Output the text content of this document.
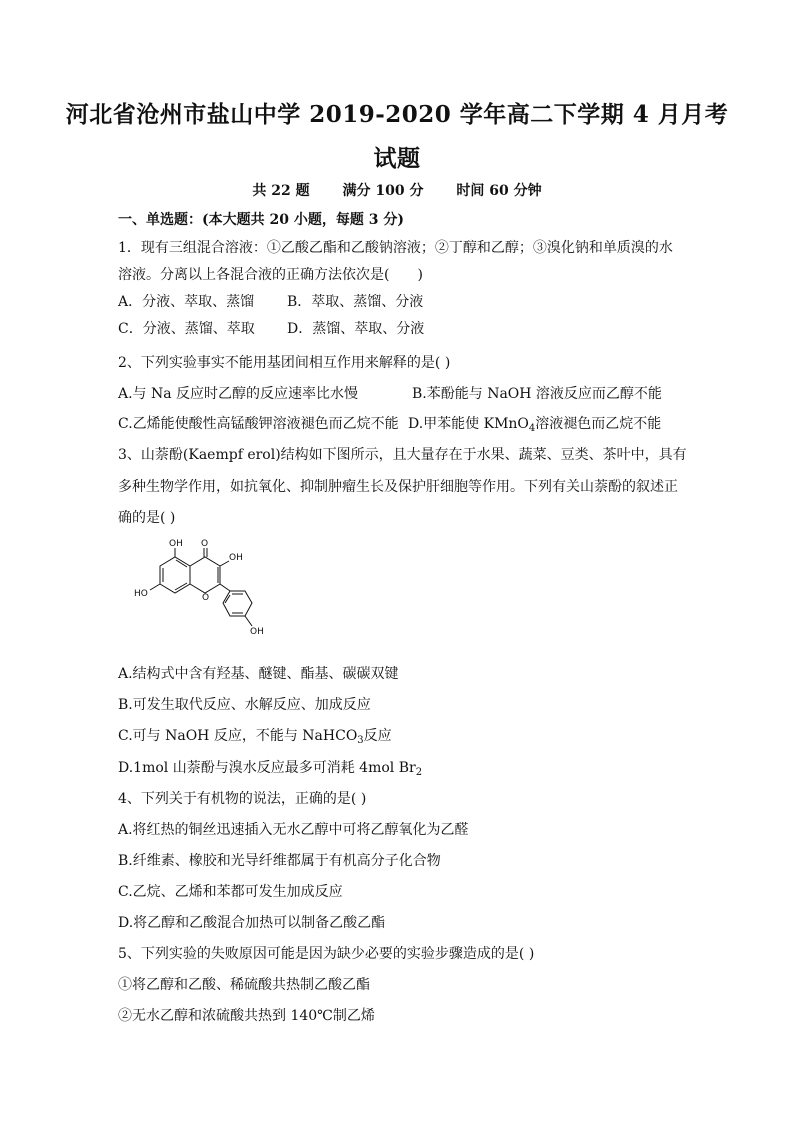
河北省沧州市盐山中学 2019-2020 学年高二下学期 4 月月考
试题
共 22 题 满分 100 分 时间 60 分钟
一、单选题：(本大题共 20 小题，每题 3 分)
1．现有三组混合溶液：①乙酸乙酯和乙酸钠溶液；②丁醇和乙醇；③溴化钠和单质溴的水
溶液。分离以上各混合液的正确方法依次是(　　)
A．分液、萃取、蒸馏 B．萃取、蒸馏、分液
C．分液、蒸馏、萃取 D．蒸馏、萃取、分液
2、下列实验事实不能用基团间相互作用来解释的是( )
A.与 Na 反应时乙醇的反应速率比水慢	B.苯酚能与 NaOH 溶液反应而乙醇不能
C.乙烯能使酸性高锰酸钾溶液褪色而乙烷不能 D.甲苯能使 KMnO$_4$溶液褪色而乙烷不能
3、山萘酚(Kaempf erol)结构如下图所示，且大量存在于水果、蔬菜、豆类、茶叶中，具有
多种生物学作用，如抗氧化、抑制肿瘤生长及保护肝细胞等作用。下列有关山萘酚的叙述正
确的是( )
OH O
OH
HO	O
OH
A.结构式中含有羟基、醚键、酯基、碳碳双键
B.可发生取代反应、水解反应、加成反应
C.可与 NaOH 反应，不能与 NaHCO$_3$反应
D.1mol 山萘酚与溴水反应最多可消耗 4mol $Br_2$
4、下列关于有机物的说法，正确的是( )
A.将红热的铜丝迅速插入无水乙醇中可将乙醇氧化为乙醛
B.纤维素、橡胶和光导纤维都属于有机高分子化合物
C.乙烷、乙烯和苯都可发生加成反应
D.将乙醇和乙酸混合加热可以制备乙酸乙酯
5、下列实验的失败原因可能是因为缺少必要的实验步骤造成的是( )
①将乙醇和乙酸、稀硫酸共热制乙酸乙酯
②无水乙醇和浓硫酸共热到 140℃制乙烯
